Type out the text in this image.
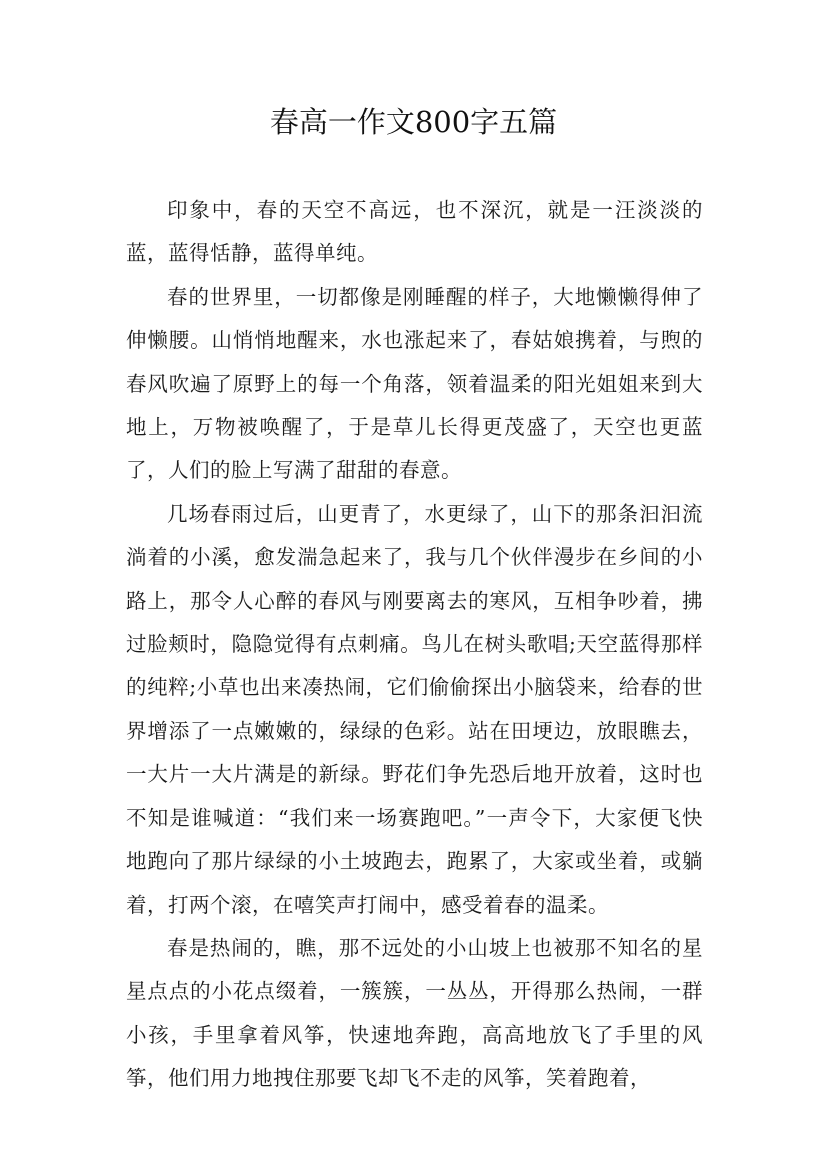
春高一作文800字五篇

印象中，春的天空不高远，也不深沉，就是一汪淡淡的蓝，蓝得恬静，蓝得单纯。

春的世界里，一切都像是刚睡醒的样子，大地懒懒得伸了伸懒腰。山悄悄地醒来，水也涨起来了，春姑娘携着，与煦的春风吹遍了原野上的每一个角落，领着温柔的阳光姐姐来到大地上，万物被唤醒了，于是草儿长得更茂盛了，天空也更蓝了，人们的脸上写满了甜甜的春意。

几场春雨过后，山更青了，水更绿了，山下的那条汩汩流淌着的小溪，愈发湍急起来了，我与几个伙伴漫步在乡间的小路上，那令人心醉的春风与刚要离去的寒风，互相争吵着，拂过脸颊时，隐隐觉得有点刺痛。鸟儿在树头歌唱;天空蓝得那样的纯粹;小草也出来凑热闹，它们偷偷探出小脑袋来，给春的世界增添了一点嫩嫩的，绿绿的色彩。站在田埂边，放眼瞧去，一大片一大片满是的新绿。野花们争先恐后地开放着，这时也不知是谁喊道：“我们来一场赛跑吧。”一声令下，大家便飞快地跑向了那片绿绿的小土坡跑去，跑累了，大家或坐着，或躺着，打两个滚，在嘻笑声打闹中，感受着春的温柔。

春是热闹的，瞧，那不远处的小山坡上也被那不知名的星星点点的小花点缀着，一簇簇，一丛丛，开得那么热闹，一群小孩，手里拿着风筝，快速地奔跑，高高地放飞了手里的风筝，他们用力地拽住那要飞却飞不走的风筝，笑着跑着，
